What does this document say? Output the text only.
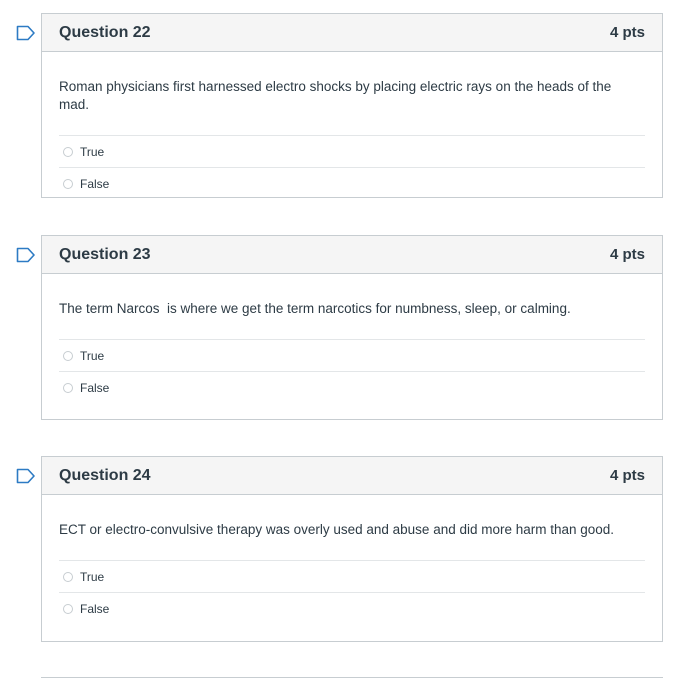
Question 22	4 pts

Roman physicians first harnessed electro shocks by placing electric rays on the heads of the mad.

True
False
Question 23	4 pts

The term Narcos  is where we get the term narcotics for numbness, sleep, or calming.

True
False
Question 24	4 pts

ECT or electro-convulsive therapy was overly used and abuse and did more harm than good.

True
False
